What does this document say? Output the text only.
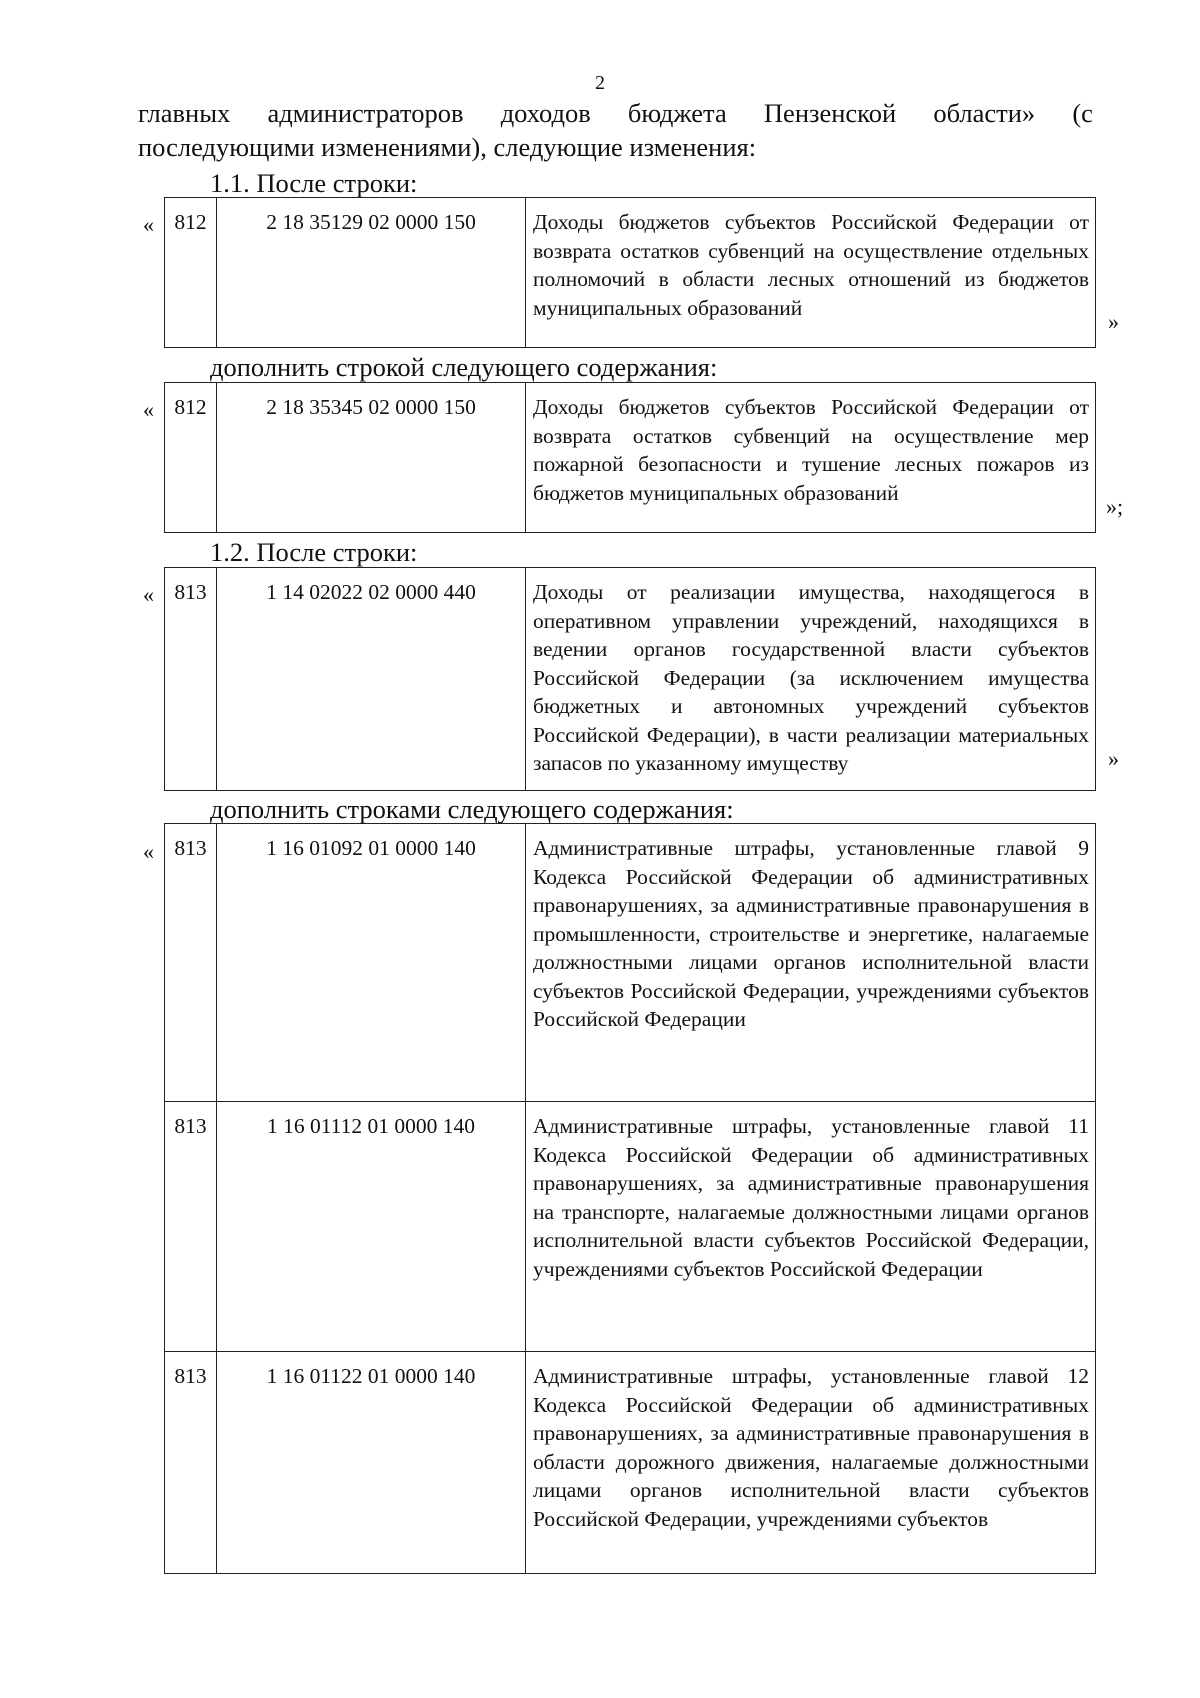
2
главных администраторов доходов бюджета Пензенской области» (с
последующими изменениями), следующие изменения:
1.1. После строки:
« 812	2 18 35129 02 0000 150	Доходы бюджетов субъектов Российской Федерации от возврата остатков субвенций на осуществление отдельных полномочий в области лесных отношений из бюджетов муниципальных образований
»
дополнить строкой следующего содержания:
« 812	2 18 35345 02 0000 150	Доходы бюджетов субъектов Российской Федерации от возврата остатков субвенций на осуществление мер пожарной безопасности и тушение лесных пожаров из бюджетов муниципальных образований
»;
1.2. После строки:
« 813	1 14 02022 02 0000 440	Доходы от реализации имущества, находящегося в оперативном управлении учреждений, находящихся в ведении органов государственной власти субъектов Российской Федерации (за исключением имущества бюджетных и автономных учреждений субъектов Российской Федерации), в части реализации материальных запасов по указанному имуществу	»
дополнить строками следующего содержания:
« 813	1 16 01092 01 0000 140	Административные штрафы, установленные главой 9 Кодекса Российской Федерации об административных правонарушениях, за административные правонарушения в промышленности, строительстве и энергетике, налагаемые должностными лицами органов исполнительной власти субъектов Российской Федерации, учреждениями субъектов Российской Федерации
813	1 16 01112 01 0000 140	Административные штрафы, установленные главой 11 Кодекса Российской Федерации об административных правонарушениях, за административные правонарушения на транспорте, налагаемые должностными лицами органов исполнительной власти субъектов Российской Федерации, учреждениями субъектов Российской Федерации
813	1 16 01122 01 0000 140	Административные штрафы, установленные главой 12 Кодекса Российской Федерации об административных правонарушениях, за административные правонарушения в области дорожного движения, налагаемые должностными лицами органов исполнительной власти субъектов Российской Федерации, учреждениями субъектов
